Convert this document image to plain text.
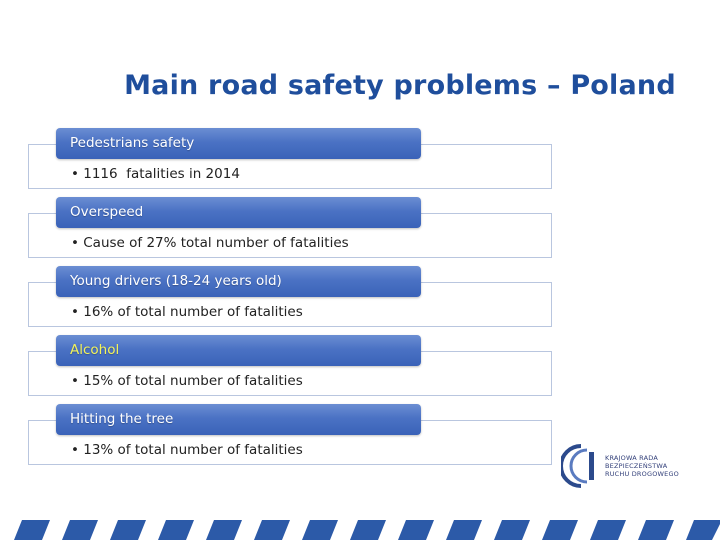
Main road safety problems – Poland
• 1116  fatalities in 2014
Pedestrians safety
• Cause of 27% total number of fatalities
Overspeed
• 16% of total number of fatalities
Young drivers (18-24 years old)
• 15% of total number of fatalities
Alcohol
• 13% of total number of fatalities
Hitting the tree
KRAJOWA RADA
BEZPIECZEŃSTWA
RUCHU DROGOWEGO
